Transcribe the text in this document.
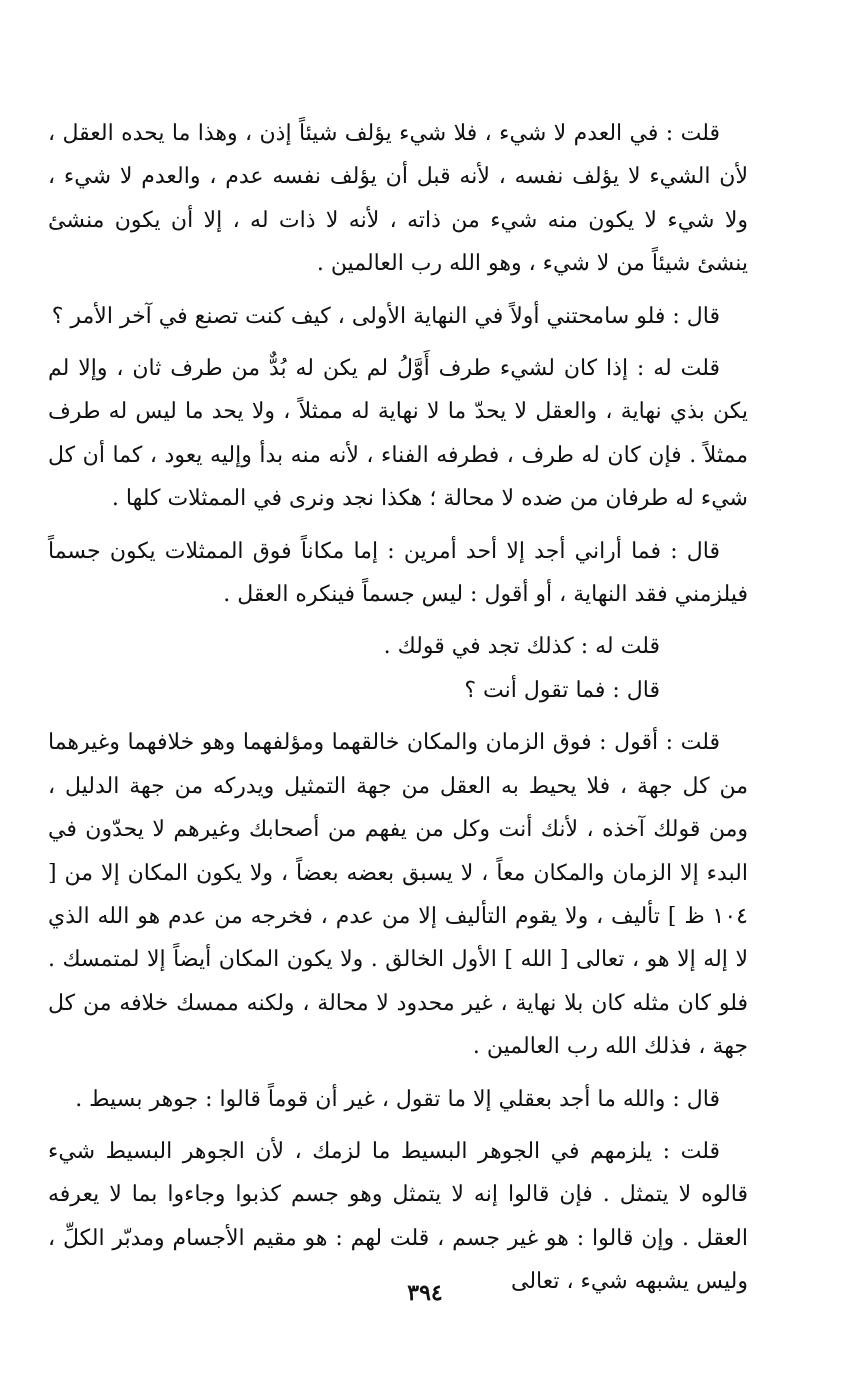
قلت : في العدم لا شيء ، فلا شيء يؤلف شيئاً إذن ، وهذا ما يحده العقل ، لأن الشيء لا يؤلف نفسه ، لأنه قبل أن يؤلف نفسه عدم ، والعدم لا شيء ، ولا شيء لا يكون منه شيء من ذاته ، لأنه لا ذات له ، إلا أن يكون منشئ ينشئ شيئاً من لا شيء ، وهو الله رب العالمين .

قال : فلو سامحتني أولاً في النهاية الأولى ، كيف كنت تصنع في آخر الأمر ؟

قلت له : إذا كان لشيء طرف أَوَّلُ لم يكن له بُدٌّ من طرف ثان ، وإلا لم يكن بذي نهاية ، والعقل لا يحدّ ما لا نهاية له ممثلاً ، ولا يحد ما ليس له طرف ممثلاً . فإن كان له طرف ، فطرفه الفناء ، لأنه منه بدأ وإليه يعود ، كما أن كل شيء له طرفان من ضده لا محالة ؛ هكذا نجد ونرى في الممثلات كلها .

قال : فما أراني أجد إلا أحد أمرين : إما مكاناً فوق الممثلات يكون جسماً فيلزمني فقد النهاية ، أو أقول : ليس جسماً فينكره العقل .

قلت له : كذلك تجد في قولك .

قال : فما تقول أنت ؟

قلت : أقول : فوق الزمان والمكان خالقهما ومؤلفهما وهو خلافهما وغيرهما من كل جهة ، فلا يحيط به العقل من جهة التمثيل ويدركه من جهة الدليل ، ومن قولك آخذه ، لأنك أنت وكل من يفهم من أصحابك وغيرهم لا يحدّون في البدء إلا الزمان والمكان معاً ، لا يسبق بعضه بعضاً ، ولا يكون المكان إلا من [ ١٠٤ ظ ] تأليف ، ولا يقوم التأليف إلا من عدم ، فخرجه من عدم هو الله الذي لا إله إلا هو ، تعالى [ الله ] الأول الخالق . ولا يكون المكان أيضاً إلا لمتمسك . فلو كان مثله كان بلا نهاية ، غير محدود لا محالة ، ولكنه ممسك خلافه من كل جهة ، فذلك الله رب العالمين .

قال : والله ما أجد بعقلي إلا ما تقول ، غير أن قوماً قالوا : جوهر بسيط .

قلت : يلزمهم في الجوهر البسيط ما لزمك ، لأن الجوهر البسيط شيء قالوه لا يتمثل . فإن قالوا إنه لا يتمثل وهو جسم كذبوا وجاءوا بما لا يعرفه العقل . وإن قالوا : هو غير جسم ، قلت لهم : هو مقيم الأجسام ومدبّر الكلِّ ، وليس يشبهه شيء ، تعالى

٣٩٤
